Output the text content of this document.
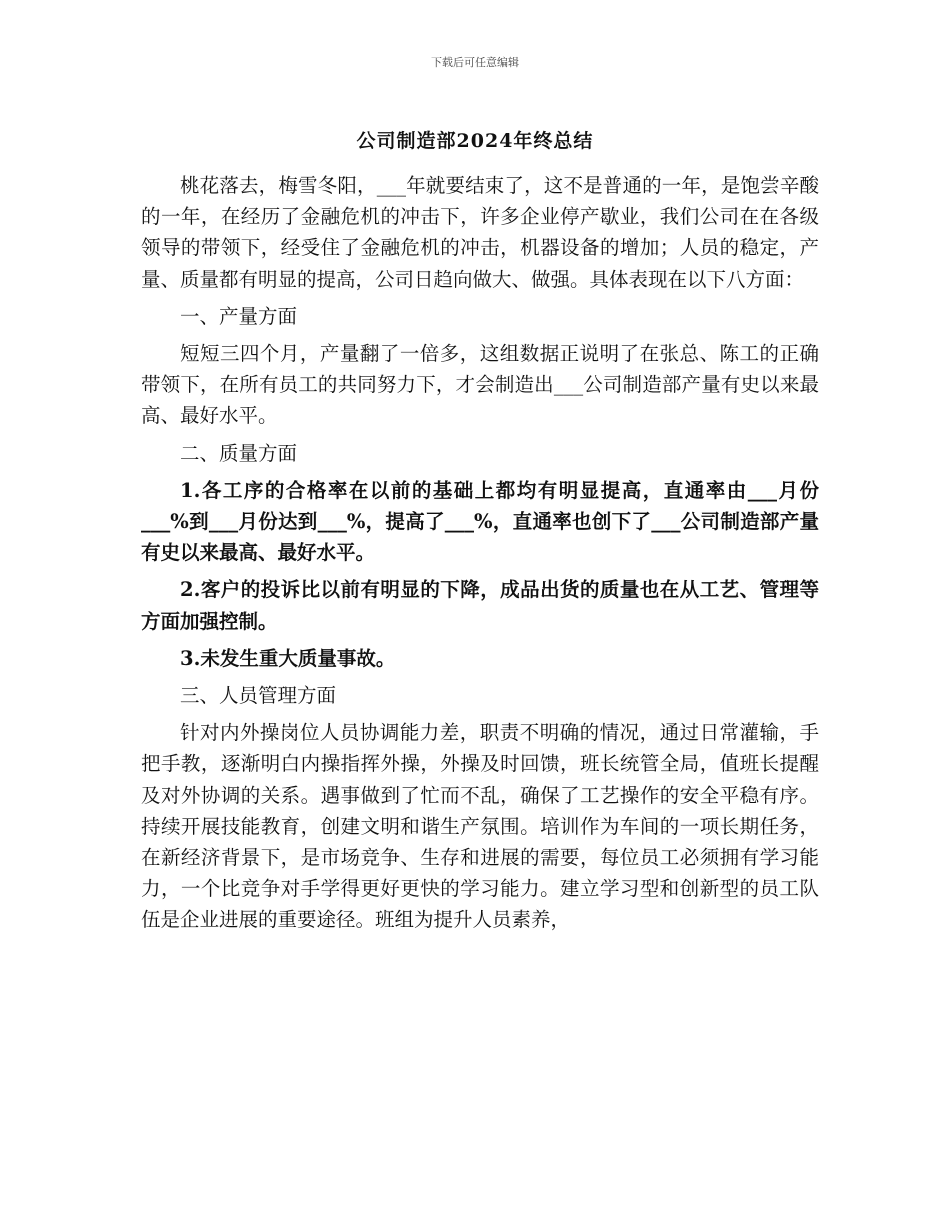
下载后可任意编辑
公司制造部2024年终总结

桃花落去，梅雪冬阳，___年就要结束了，这不是普通的一年，是饱尝辛酸的一年，在经历了金融危机的冲击下，许多企业停产歇业，我们公司在在各级领导的带领下，经受住了金融危机的冲击，机器设备的增加；人员的稳定，产量、质量都有明显的提高，公司日趋向做大、做强。具体表现在以下八方面：

一、产量方面

短短三四个月，产量翻了一倍多，这组数据正说明了在张总、陈工的正确带领下，在所有员工的共同努力下，才会制造出___公司制造部产量有史以来最高、最好水平。

二、质量方面

1.各工序的合格率在以前的基础上都均有明显提高，直通率由___月份___%到___月份达到___%，提高了___%，直通率也创下了___公司制造部产量有史以来最高、最好水平。

2.客户的投诉比以前有明显的下降，成品出货的质量也在从工艺、管理等方面加强控制。

3.未发生重大质量事故。

三、人员管理方面

针对内外操岗位人员协调能力差，职责不明确的情况，通过日常灌输，手把手教，逐渐明白内操指挥外操，外操及时回馈，班长统管全局，值班长提醒及对外协调的关系。遇事做到了忙而不乱，确保了工艺操作的安全平稳有序。持续开展技能教育，创建文明和谐生产氛围。培训作为车间的一项长期任务，在新经济背景下，是市场竞争、生存和进展的需要，每位员工必须拥有学习能力，一个比竞争对手学得更好更快的学习能力。建立学习型和创新型的员工队伍是企业进展的重要途径。班组为提升人员素养，
